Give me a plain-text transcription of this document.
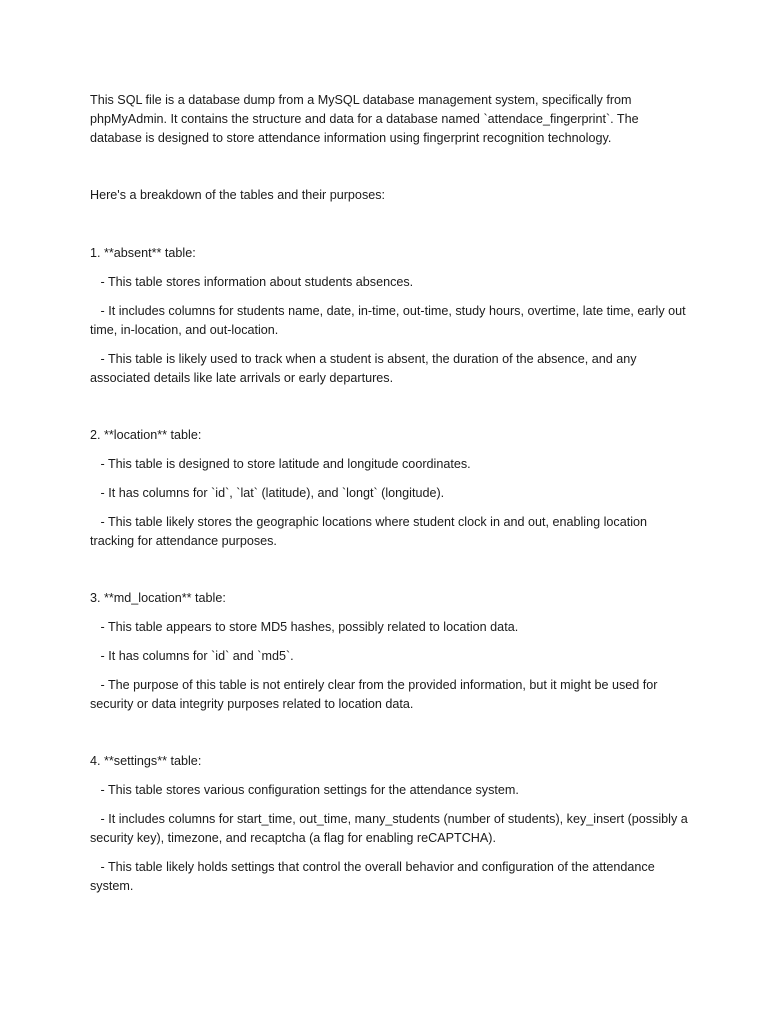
This SQL file is a database dump from a MySQL database management system, specifically from phpMyAdmin. It contains the structure and data for a database named `attendace_fingerprint`. The database is designed to store attendance information using fingerprint recognition technology.

Here's a breakdown of the tables and their purposes:

1. **absent** table:

- This table stores information about students absences.

- It includes columns for students name, date, in-time, out-time, study hours, overtime, late time, early out time, in-location, and out-location.

- This table is likely used to track when a student is absent, the duration of the absence, and any associated details like late arrivals or early departures.

2. **location** table:

- This table is designed to store latitude and longitude coordinates.

- It has columns for `id`, `lat` (latitude), and `longt` (longitude).

- This table likely stores the geographic locations where student clock in and out, enabling location tracking for attendance purposes.

3. **md_location** table:

- This table appears to store MD5 hashes, possibly related to location data.

- It has columns for `id` and `md5`.

- The purpose of this table is not entirely clear from the provided information, but it might be used for security or data integrity purposes related to location data.

4. **settings** table:

- This table stores various configuration settings for the attendance system.

- It includes columns for start_time, out_time, many_students (number of students), key_insert (possibly a security key), timezone, and recaptcha (a flag for enabling reCAPTCHA).

- This table likely holds settings that control the overall behavior and configuration of the attendance system.
